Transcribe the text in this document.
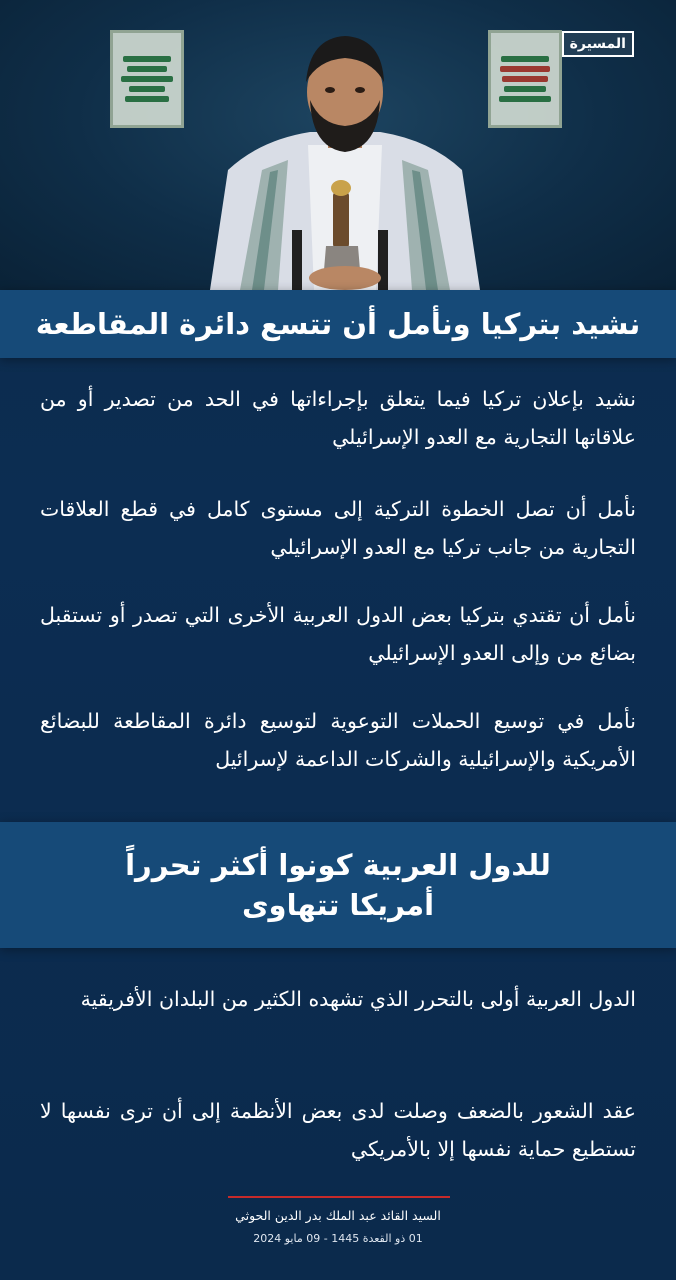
المسيرة
نشيد بتركيا ونأمل أن تتسع دائرة المقاطعة

نشيد بإعلان تركيا فيما يتعلق بإجراءاتها في الحد من تصدير أو من علاقاتها التجارية مع العدو الإسرائيلي

نأمل أن تصل الخطوة التركية إلى مستوى كامل في قطع العلاقات التجارية من جانب تركيا مع العدو الإسرائيلي

نأمل أن تقتدي بتركيا بعض الدول العربية الأخرى التي تصدر أو تستقبل بضائع من وإلى العدو الإسرائيلي

نأمل في توسيع الحملات التوعوية لتوسيع دائرة المقاطعة للبضائع الأمريكية والإسرائيلية والشركات الداعمة لإسرائيل

للدول العربية كونوا أكثر تحرراً
أمريكا تتهاوى

الدول العربية أولى بالتحرر الذي تشهده الكثير من البلدان الأفريقية

عقد الشعور بالضعف وصلت لدى بعض الأنظمة إلى أن ترى نفسها لا تستطيع حماية نفسها إلا بالأمريكي

السيد القائد عبد الملك بدر الدين الحوثي
01 ذو القعدة 1445 - 09 مايو 2024
